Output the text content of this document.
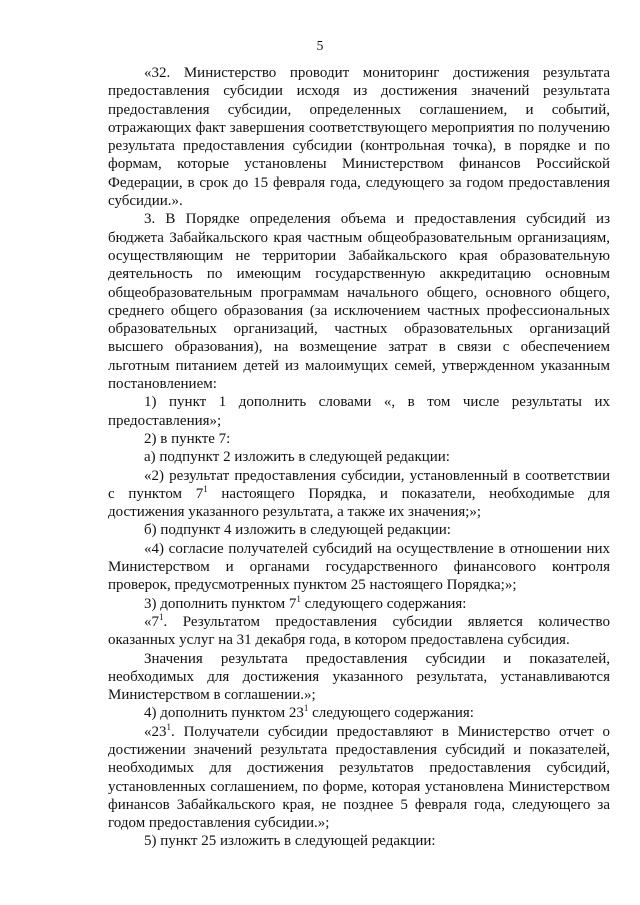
5

«32. Министерство проводит мониторинг достижения результата предоставления субсидии исходя из достижения значений результата предоставления субсидии, определенных соглашением, и событий, отражающих факт завершения соответствующего мероприятия по получению результата предоставления субсидии (контрольная точка), в порядке и по формам, которые установлены Министерством финансов Российской Федерации, в срок до 15 февраля года, следующего за годом предоставления субсидии.».

3. В Порядке определения объема и предоставления субсидий из бюджета Забайкальского края частным общеобразовательным организациям, осуществляющим не территории Забайкальского края образовательную деятельность по имеющим государственную аккредитацию основным общеобразовательным программам начального общего, основного общего, среднего общего образования (за исключением частных профессиональных образовательных организаций, частных образовательных организаций высшего образования), на возмещение затрат в связи с обеспечением льготным питанием детей из малоимущих семей, утвержденном указанным постановлением:

1) пункт 1 дополнить словами «, в том числе результаты их предоставления»;

2) в пункте 7:

а) подпункт 2 изложить в следующей редакции:

«2) результат предоставления субсидии, установленный в соответствии с пунктом $7^1$ настоящего Порядка, и показатели, необходимые для достижения указанного результата, а также их значения;»;

б) подпункт 4 изложить в следующей редакции:

«4) согласие получателей субсидий на осуществление в отношении них Министерством и органами государственного финансового контроля проверок, предусмотренных пунктом 25 настоящего Порядка;»;

3) дополнить пунктом $7^1$ следующего содержания:

«$7^1$. Результатом предоставления субсидии является количество оказанных услуг на 31 декабря года, в котором предоставлена субсидия.

Значения результата предоставления субсидии и показателей, необходимых для достижения указанного результата, устанавливаются Министерством в соглашении.»;

4) дополнить пунктом $23^1$ следующего содержания:

«$23^1$. Получатели субсидии предоставляют в Министерство отчет о достижении значений результата предоставления субсидий и показателей, необходимых для достижения результатов предоставления субсидий, установленных соглашением, по форме, которая установлена Министерством финансов Забайкальского края, не позднее 5 февраля года, следующего за годом предоставления субсидии.»;

5) пункт 25 изложить в следующей редакции:
